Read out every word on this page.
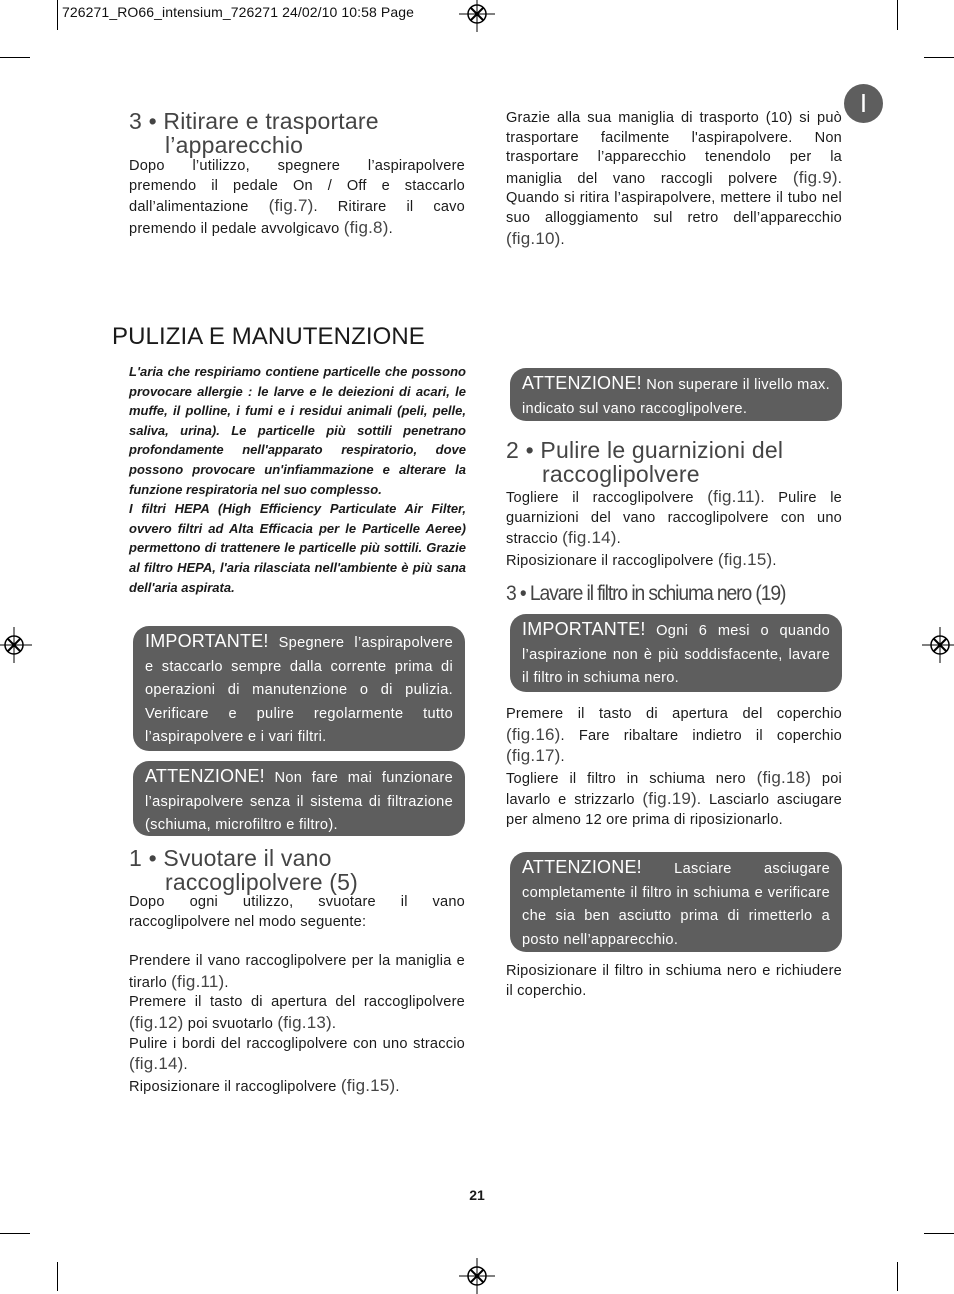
726271_RO66_intensium_726271 24/02/10 10:58 Page
I
3 • Ritirare e trasportare
l’apparecchio

Dopo l’utilizzo, spegnere l’aspirapolvere premendo il pedale On / Off e staccarlo dall’alimentazione (fig.7). Ritirare il cavo premendo il pedale avvolgicavo (fig.8).

Grazie alla sua maniglia di trasporto (10) si può trasportare facilmente l'aspirapolvere. Non trasportare l’apparecchio tenendolo per la maniglia del vano raccogli polvere (fig.9). Quando si ritira l’aspirapolvere, mettere il tubo nel suo alloggiamento sul retro dell’apparecchio (fig.10).

PULIZIA E MANUTENZIONE

L'aria che respiriamo contiene particelle che possono provocare allergie : le larve e le deiezioni di acari, le muffe, il polline, i fumi e i residui animali (peli, pelle, saliva, urina). Le particelle più sottili penetrano profondamente nell'apparato respiratorio, dove possono provocare un'infiammazione e alterare la funzione respiratoria nel suo complesso.

I filtri HEPA (High Efficiency Particulate Air Filter, ovvero filtri ad Alta Efficacia per le Particelle Aeree) permettono di trattenere le particelle più sottili. Grazie al filtro HEPA, l'aria rilasciata nell'ambiente è più sana dell'aria aspirata.

IMPORTANTE! Spegnere l’aspirapolvere e staccarlo sempre dalla corrente prima di operazioni di manutenzione o di pulizia. Verificare e pulire regolarmente tutto l’aspirapolvere e i vari filtri.
ATTENZIONE! Non fare mai funzionare l’aspirapolvere senza il sistema di filtrazione (schiuma, microfiltro e filtro).
1 • Svuotare il vano
raccoglipolvere (5)

Dopo ogni utilizzo, svuotare il vano raccoglipolvere nel modo seguente:

Prendere il vano raccoglipolvere per la maniglia e tirarlo (fig.11).

Premere il tasto di apertura del raccoglipolvere (fig.12) poi svuotarlo (fig.13).

Pulire i bordi del raccoglipolvere con uno straccio (fig.14).

Riposizionare il raccoglipolvere (fig.15).

ATTENZIONE! Non superare il livello max. indicato sul vano raccoglipolvere.
2 • Pulire le guarnizioni del
raccoglipolvere

Togliere il raccoglipolvere (fig.11). Pulire le guarnizioni del vano raccoglipolvere con uno straccio (fig.14).

Riposizionare il raccoglipolvere (fig.15).

3 • Lavare il filtro in schiuma nero (19)
IMPORTANTE! Ogni 6 mesi o quando l’aspirazione non è più soddisfacente, lavare il filtro in schiuma nero.

Premere il tasto di apertura del coperchio (fig.16). Fare ribaltare indietro il coperchio (fig.17).

Togliere il filtro in schiuma nero (fig.18) poi lavarlo e strizzarlo (fig.19). Lasciarlo asciugare per almeno 12 ore prima di riposizionarlo.

ATTENZIONE! Lasciare asciugare completamente il filtro in schiuma e verificare che sia ben asciutto prima di rimetterlo a posto nell’apparecchio.
Riposizionare il filtro in schiuma nero e richiudere il coperchio.
21
